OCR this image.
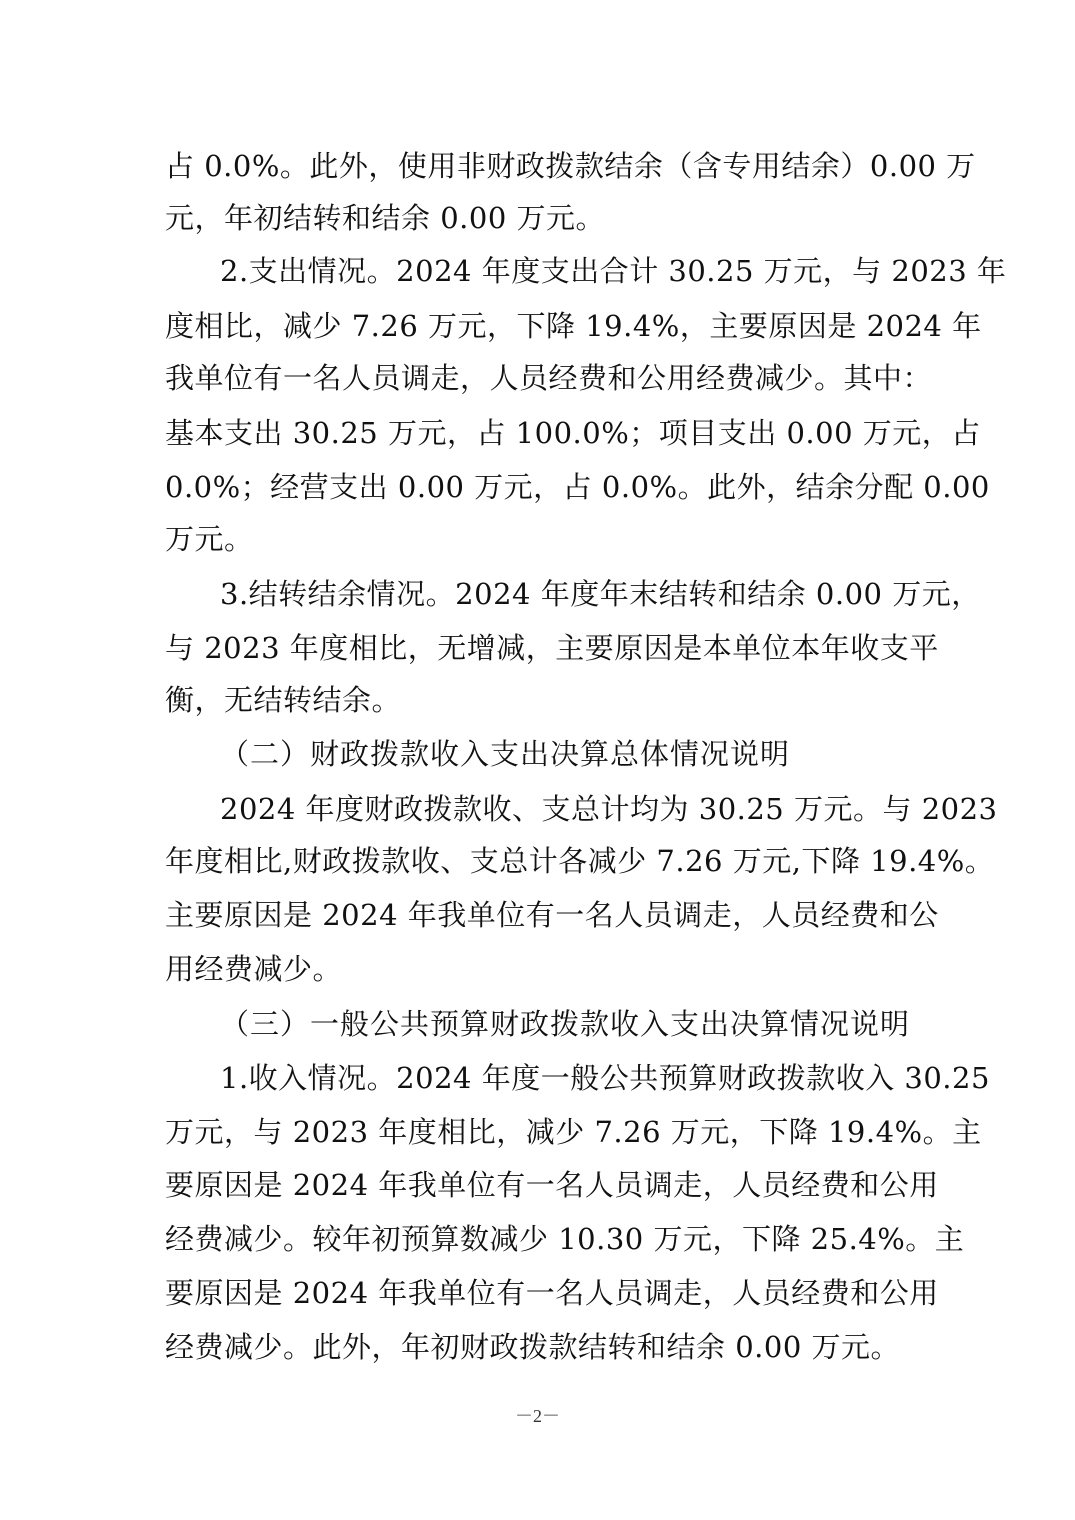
占 0.0%。此外，使用非财政拨款结余（含专用结余）0.00 万
元，年初结转和结余 0.00 万元。
2.支出情况。2024 年度支出合计 30.25 万元，与 2023 年
度相比，减少 7.26 万元，下降 19.4%，主要原因是 2024 年
我单位有一名人员调走，人员经费和公用经费减少。其中：
基本支出 30.25 万元，占 100.0%；项目支出 0.00 万元，占
0.0%；经营支出 0.00 万元，占 0.0%。此外，结余分配 0.00
万元。
3.结转结余情况。2024 年度年末结转和结余 0.00 万元，
与 2023 年度相比，无增减，主要原因是本单位本年收支平
衡，无结转结余。
（二）财政拨款收入支出决算总体情况说明
2024 年度财政拨款收、支总计均为 30.25 万元。与 2023
年度相比,财政拨款收、支总计各减少 7.26 万元,下降 19.4%。
主要原因是 2024 年我单位有一名人员调走，人员经费和公
用经费减少。
（三）一般公共预算财政拨款收入支出决算情况说明
1.收入情况。2024 年度一般公共预算财政拨款收入 30.25
万元，与 2023 年度相比，减少 7.26 万元，下降 19.4%。主
要原因是 2024 年我单位有一名人员调走，人员经费和公用
经费减少。较年初预算数减少 10.30 万元，下降 25.4%。主
要原因是 2024 年我单位有一名人员调走，人员经费和公用
经费减少。此外，年初财政拨款结转和结余 0.00 万元。
－2－
